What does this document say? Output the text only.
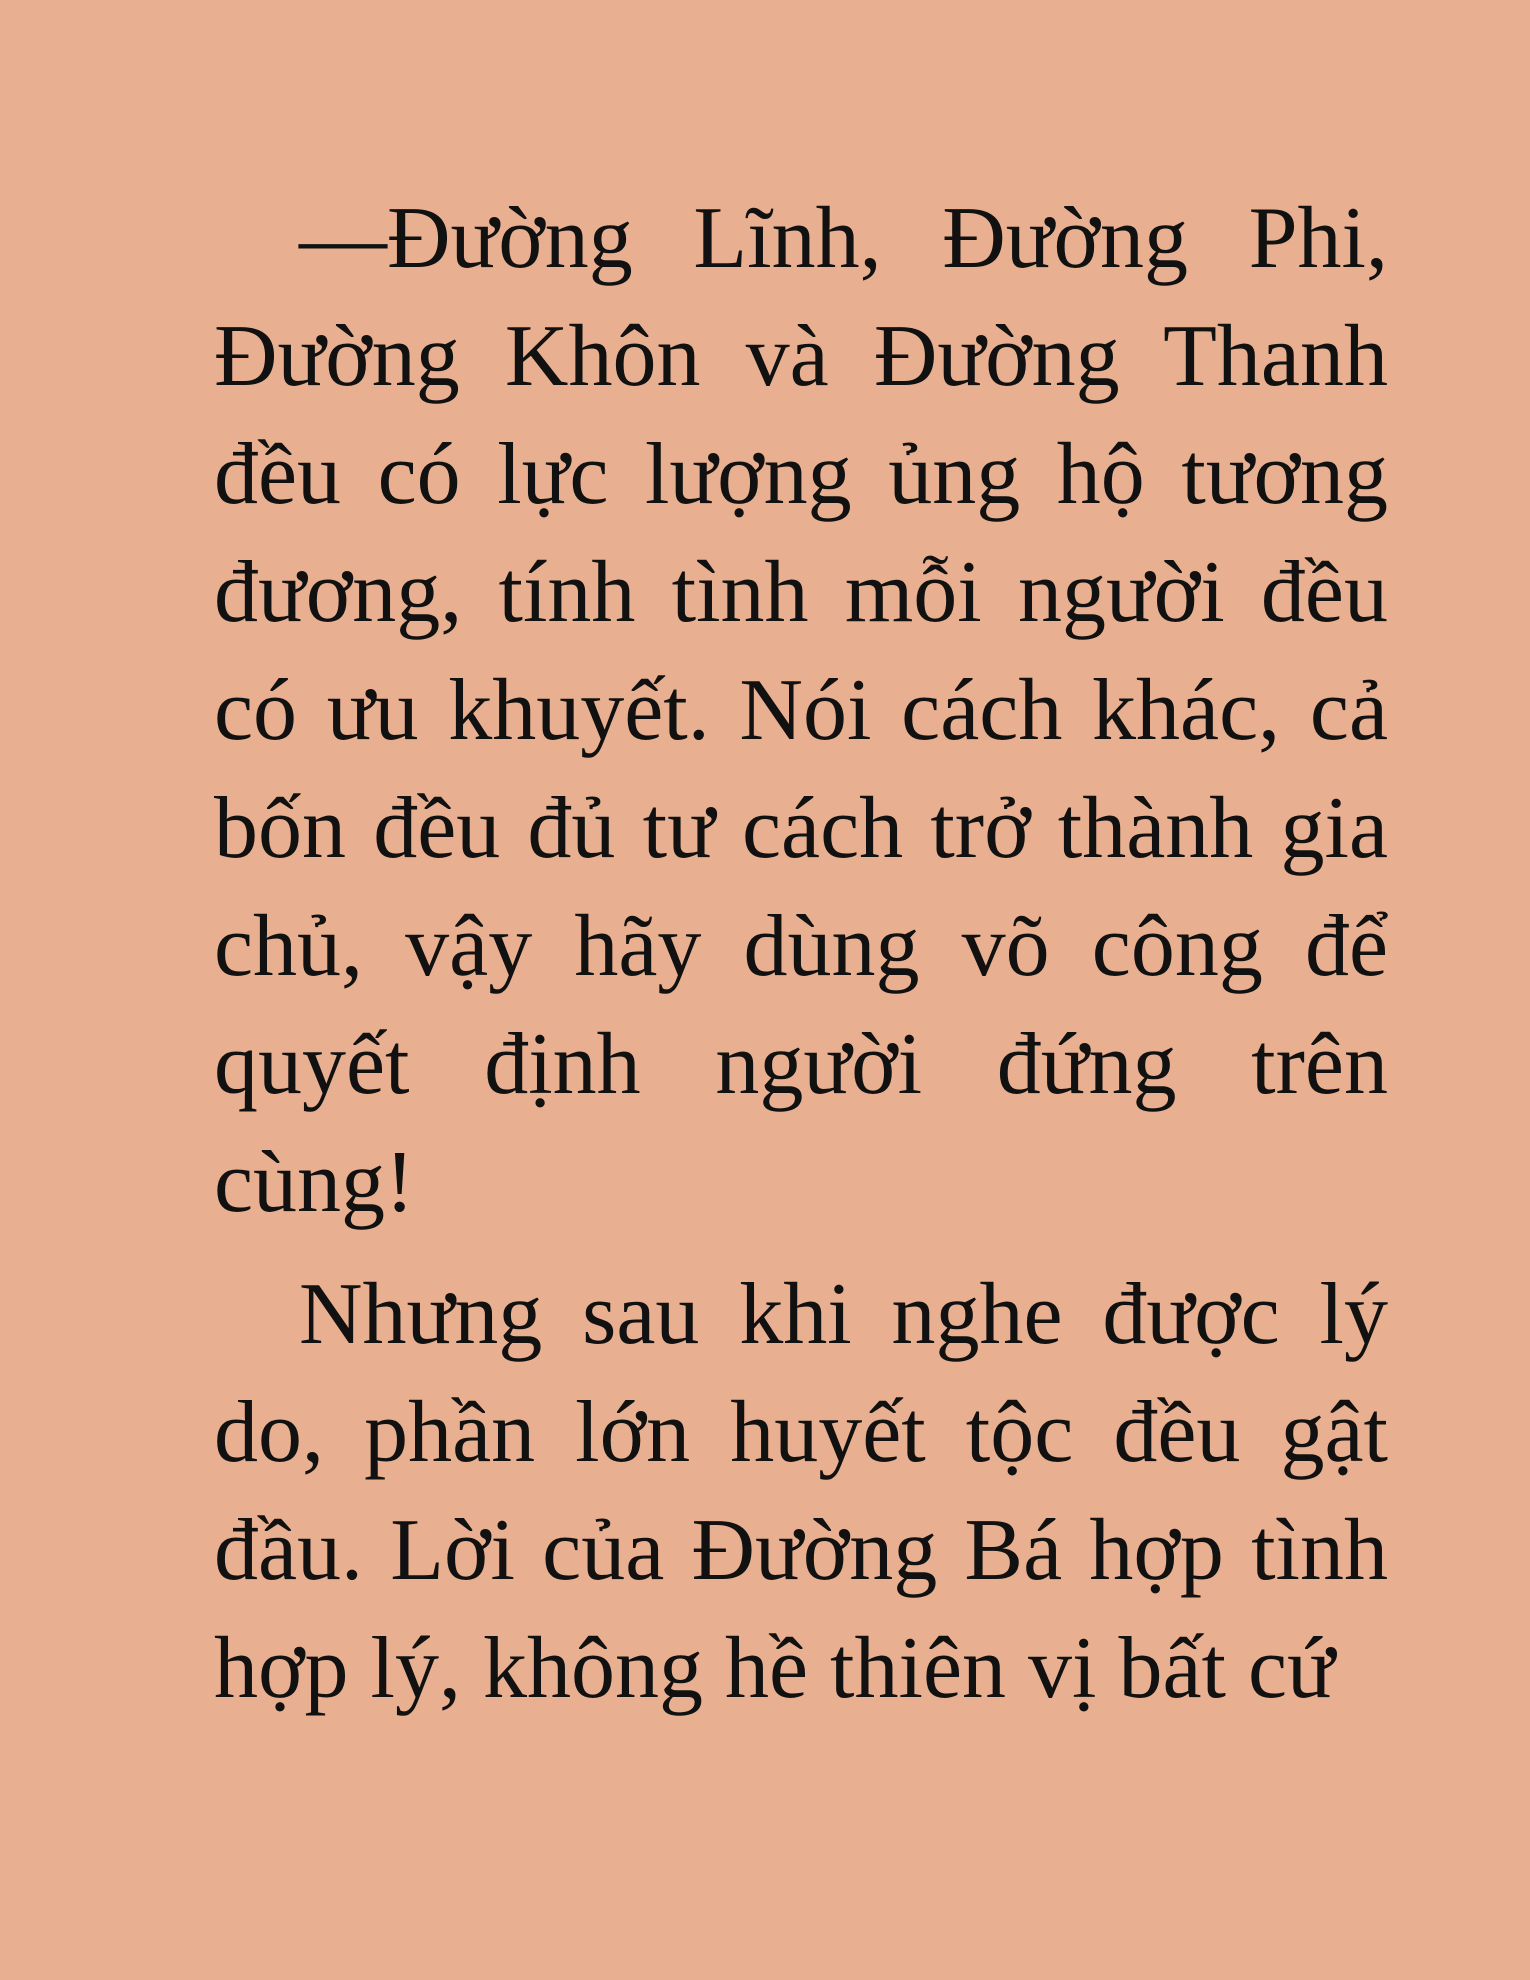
—Đường Lĩnh, Đường Phi, Đường Khôn và Đường Thanh đều có lực lượng ủng hộ tương đương, tính tình mỗi người đều có ưu khuyết. Nói cách khác, cả bốn đều đủ tư cách trở thành gia chủ, vậy hãy dùng võ công để quyết định người đứng trên cùng!

Nhưng sau khi nghe được lý do, phần lớn huyết tộc đều gật đầu. Lời của Đường Bá hợp tình hợp lý, không hề thiên vị bất cứ
